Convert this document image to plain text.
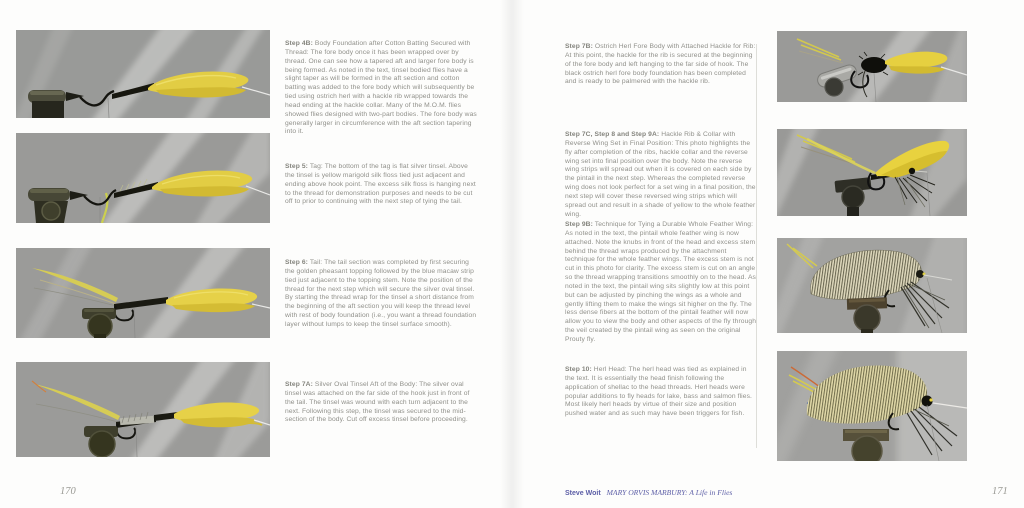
Step 4B: Body Foundation after Cotton Batting Secured with Thread: The fore body once it has been wrapped over by thread. One can see how a tapered aft and larger fore body is being formed. As noted in the text, tinsel bodied flies have a slight taper as will be formed in the aft section and cotton batting was added to the fore body which will subsequently be tied using ostrich herl with a hackle rib wrapped towards the head ending at the hackle collar. Many of the M.O.M. flies showed flies designed with two-part bodies. The fore body was generally larger in circumference with the aft section tapering into it.
Step 5: Tag: The bottom of the tag is flat silver tinsel. Above the tinsel is yellow marigold silk floss tied just adjacent and ending above hook point. The excess silk floss is hanging next to the thread for demonstration purposes and needs to be cut off to prior to continuing with the next step of tying the tail.
Step 6: Tail: The tail section was completed by first securing the golden pheasant topping followed by the blue macaw strip tied just adjacent to the topping stem. Note the position of the thread for the next step which will secure the silver oval tinsel. By starting the thread wrap for the tinsel a short distance from the beginning of the aft section you will keep the thread level with rest of body foundation (i.e., you want a thread foundation layer without lumps to keep the tinsel surface smooth).
Step 7A: Silver Oval Tinsel Aft of the Body: The silver oval tinsel was attached on the far side of the hook just in front of the tail. The tinsel was wound with each turn adjacent to the next. Following this step, the tinsel was secured to the mid-section of the body. Cut off excess tinsel before proceeding.
Step 7B: Ostrich Herl Fore Body with Attached Hackle for Rib: At this point, the hackle for the rib is secured at the beginning of the fore body and left hanging to the far side of hook. The black ostrich herl fore body foundation has been completed and is ready to be palmered with the hackle rib.
Step 7C, Step 8 and Step 9A: Hackle Rib & Collar with Reverse Wing Set in Final Position: This photo highlights the fly after completion of the ribs, hackle collar and the reverse wing set into final position over the body. Note the reverse wing strips will spread out when it is covered on each side by the pintail in the next step. Whereas the completed reverse wing does not look perfect for a set wing in a final position, the next step will cover these reversed wing strips which will spread out and result in a shade of yellow to the whole feather wing.
Step 9B: Technique for Tying a Durable Whole Feather Wing: As noted in the text, the pintail whole feather wing is now attached. Note the knubs in front of the head and excess stem behind the thread wraps produced by the attachment technique for the whole feather wings. The excess stem is not cut in this photo for clarity. The excess stem is cut on an angle so the thread wrapping transitions smoothly on to the head. As noted in the text, the pintail wing sits slightly low at this point but can be adjusted by pinching the wings as a whole and gently lifting them to make the wings sit higher on the fly. The less dense fibers at the bottom of the pintail feather will now allow you to view the body and other aspects of the fly through the veil created by the pintail wing as seen on the original Prouty fly.
Step 10: Herl Head: The herl head was tied as explained in the text. It is essentially the head finish following the application of shellac to the head threads. Herl heads were popular additions to fly heads for lake, bass and salmon flies. Most likely herl heads by virtue of their size and position pushed water and as such may have been triggers for fish.
170	Steve Woit MARY ORVIS MARBURY: A Life in Flies	171
